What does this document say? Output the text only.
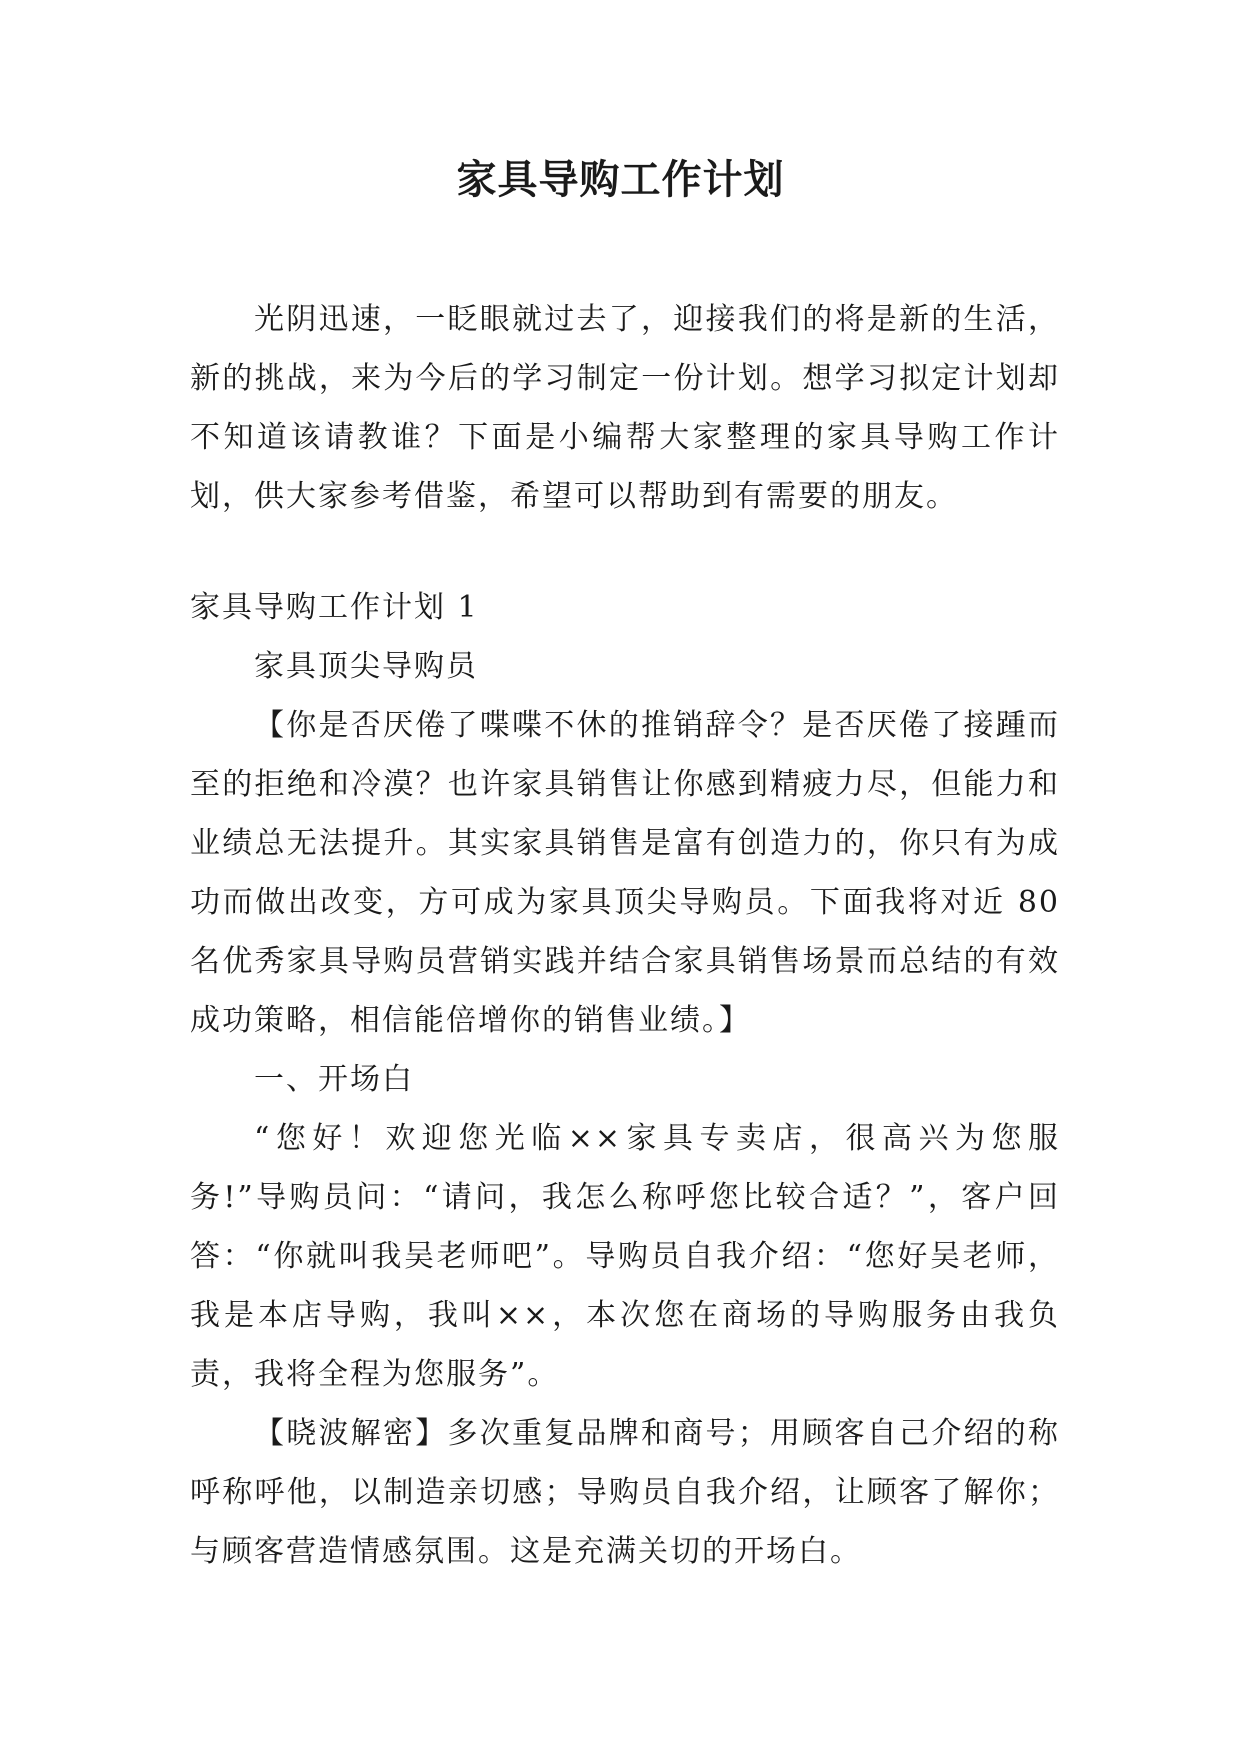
家具导购工作计划

光阴迅速，一眨眼就过去了，迎接我们的将是新的生活，新的挑战，来为今后的学习制定一份计划。想学习拟定计划却不知道该请教谁？下面是小编帮大家整理的家具导购工作计划，供大家参考借鉴，希望可以帮助到有需要的朋友。

家具导购工作计划 1

家具顶尖导购员

【你是否厌倦了喋喋不休的推销辞令？是否厌倦了接踵而至的拒绝和冷漠？也许家具销售让你感到精疲力尽，但能力和业绩总无法提升。其实家具销售是富有创造力的，你只有为成功而做出改变，方可成为家具顶尖导购员。下面我将对近 80 名优秀家具导购员营销实践并结合家具销售场景而总结的有效成功策略，相信能倍增你的销售业绩。】

一、开场白

“您好！欢迎您光临××家具专卖店，很高兴为您服务!”导购员问：“请问，我怎么称呼您比较合适？”，客户回答：“你就叫我吴老师吧”。导购员自我介绍：“您好吴老师，我是本店导购，我叫××，本次您在商场的导购服务由我负责，我将全程为您服务”。

【晓波解密】多次重复品牌和商号；用顾客自己介绍的称呼称呼他，以制造亲切感；导购员自我介绍，让顾客了解你；与顾客营造情感氛围。这是充满关切的开场白。
